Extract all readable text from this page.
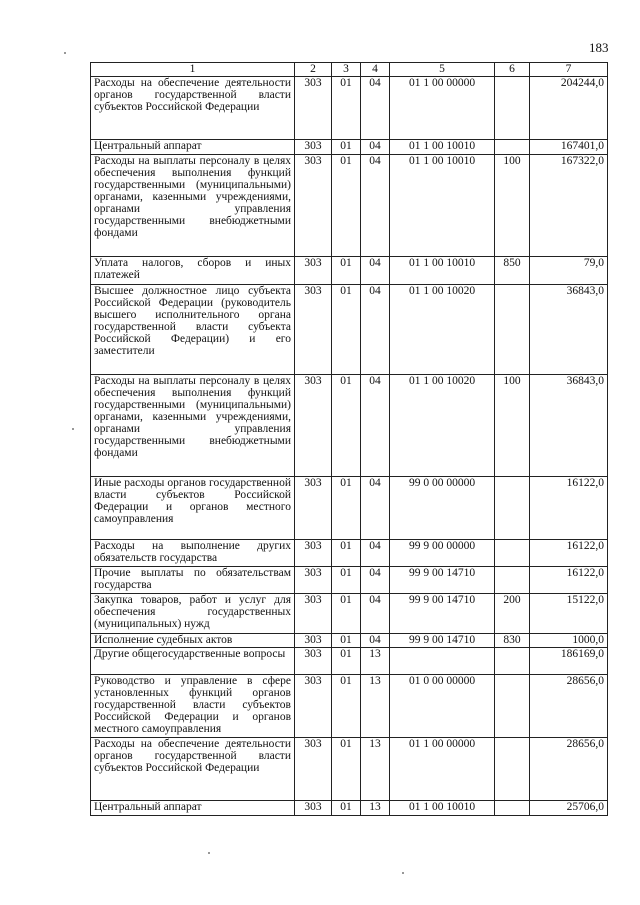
183
1	2	3	4	5	6	7
Расходы на обеспечение деятельности органов государственной власти субъектов Российской Федерации	303	01	04	01 1 00 00000		204244,0
Центральный аппарат	303	01	04	01 1 00 10010		167401,0
Расходы на выплаты персоналу в целях обеспечения выполнения функций государственными (муниципальными) органами, казенными учреждениями, органами управления государственными внебюджетными фондами	303	01	04	01 1 00 10010	100	167322,0
Уплата налогов, сборов и иных платежей	303	01	04	01 1 00 10010	850	79,0
Высшее должностное лицо субъекта Российской Федерации (руководитель высшего исполнительного органа государственной власти субъекта Российской Федерации) и его заместители	303	01	04	01 1 00 10020		36843,0
Расходы на выплаты персоналу в целях обеспечения выполнения функций государственными (муниципальными) органами, казенными учреждениями, органами управления государственными внебюджетными фондами	303	01	04	01 1 00 10020	100	36843,0
Иные расходы органов государственной власти субъектов Российской Федерации и органов местного самоуправления	303	01	04	99 0 00 00000		16122,0
Расходы на выполнение других обязательств государства	303	01	04	99 9 00 00000		16122,0
Прочие выплаты по обязательствам государства	303	01	04	99 9 00 14710		16122,0
Закупка товаров, работ и услуг для обеспечения государственных (муниципальных) нужд	303	01	04	99 9 00 14710	200	15122,0
Исполнение судебных актов	303	01	04	99 9 00 14710	830	1000,0
Другие общегосударственные вопросы	303	01	13			186169,0
Руководство и управление в сфере установленных функций органов государственной власти субъектов Российской Федерации и органов местного самоуправления	303	01	13	01 0 00 00000		28656,0
Расходы на обеспечение деятельности органов государственной власти субъектов Российской Федерации	303	01	13	01 1 00 00000		28656,0
Центральный аппарат	303	01	13	01 1 00 10010		25706,0
